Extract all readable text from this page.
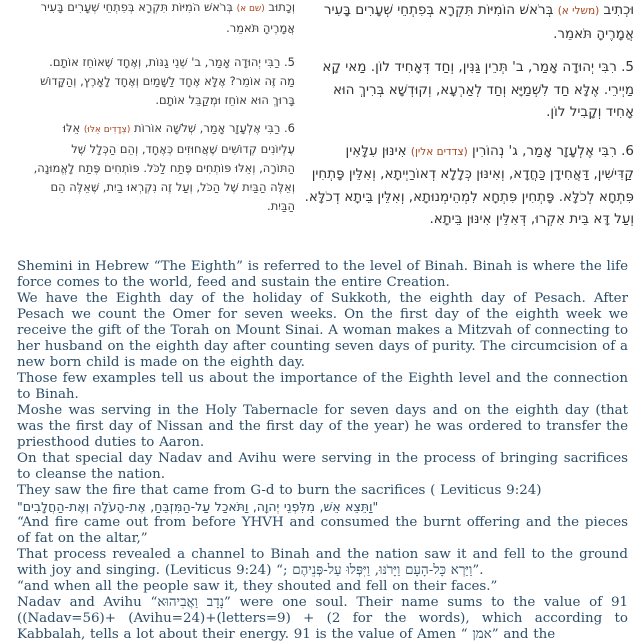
וְכָתוּב (שם א) בְּרֹאשׁ הֹמִיּוֹת תִּקְרָא בְּפִתְחֵי שְׁעָרִים בָּעִיר אֲמָרֶיהָ תֹּאמֵר.

5. רַבִּי יְהוּדָה אָמַר, ב' שְׁנֵי גַנּוֹת, וְאֶחָד שֶׁאוֹחֵז אוֹתָם. מַה זֶּה אוֹמֵר? אֶלָּא אֶחָד לַשָּׁמַיִם וְאֶחָד לָאָרֶץ, וְהַקָּדוֹשׁ בָּרוּךְ הוּא אוֹחֵז וּמְקַבֵּל אוֹתָם.

6. רַבִּי אֶלְעָזָר אָמַר, שְׁלֹשָׁה אוֹרוֹת (צְדָדִים אֵלּוּ) אֵלּוּ עֶלְיוֹנִים קְדוֹשִׁים שֶׁאֲחוּזִים כְּאֶחָד, וְהֵם הַכְּלָל שֶׁל הַתּוֹרָה, וְאֵלּוּ פּוֹתְחִים פֶּתַח לַכֹּל. פּוֹתְחִים פֶּתַח לָאֱמוּנָה, וְאֵלֶּה הַבַּיִת שֶׁל הַכֹּל, וְעַל זֶה נִקְרְאוּ בַיִת, שֶׁאֵלֶּה הֵם הַבַּיִת.

וּכְתִיב (משלי א) בְּרֹאשׁ הוֹמִיּוֹת תִּקְרָא בְּפִתְחֵי שְׁעָרִים בָּעִיר אֲמָרֶיהָ תֹּאמֵר.

5. רִבִּי יְהוּדָה אָמַר, ב' תְּרֵין גַּנִּין, וְחַד דְּאָחִיד לוֹן. מַאי קָא מַיְירֵי. אֶלָּא חַד לִשְׁמַיָּא וְחַד לְאַרְעָא, וְקוּדְשָׁא בְּרִיךְ הוּא אָחִיד וְקָבִיל לוֹן.

6. רִבִּי אֶלְעָזָר אָמַר, ג' נְהוֹרִין (צדדים אלין) אִינּוּן עִלָּאִין קַדִּישִׁין, דַּאֲחִידָן כַּחֲדָא, וְאִינּוּן כְּלָלָא דְאוֹרַיְיתָא, וְאִלֵּין פָּתְחִין פִּתְחָא לְכֹלָּא. פָּתְחִין פִּתְחָא לִמְהֵימְנוּתָא, וְאִלֵּין בֵּיתָא דְכֹלָּא. וְעַל דָּא בֵּית אִקְרוּ, דְּאִלֵּין אִינּוּן בֵּיתָא.

Shemini in Hebrew “The Eighth” is referred to the level of Binah. Binah is where the life force comes to the world, feed and sustain the entire Creation.

We have the Eighth day of the holiday of Sukkoth, the eighth day of Pesach. After Pesach we count the Omer for seven weeks. On the first day of the eighth week we receive the gift of the Torah on Mount Sinai. A woman makes a Mitzvah of connecting to her husband on the eighth day after counting seven days of purity. The circumcision of a new born child is made on the eighth day.

Those few examples tell us about the importance of the Eighth level and the connection to Binah.

Moshe was serving in the Holy Tabernacle for seven days and on the eighth day (that was the first day of Nissan and the first day of the year) he was ordered to transfer the priesthood duties to Aaron.

On that special day Nadav and Avihu were serving in the process of bringing sacrifices to cleanse the nation.

They saw the fire that came from G-d to burn the sacrifices ( Leviticus 9:24)

"וַתֵּצֵא אֵשׁ, מִלִּפְנֵי יְהוָה, וַתֹּאכַל עַל-הַמִּזְבֵּחַ, אֶת-הָעֹלָה וְאֶת-הַחֲלָבִים"

“And fire came out from before YHVH and consumed the burnt offering and the pieces of fat on the altar,”

That process revealed a channel to Binah and the nation saw it and fell to the ground with joy and singing. (Leviticus 9:24) “; וַיַּרְא כָּל-הָעָם וַיָּרֹנּוּ, וַיִּפְּלוּ עַל-פְּנֵיהֶם”.

“and when all the people saw it, they shouted and fell on their faces.”

Nadav and Avihu “נָדָב וַאֲבִיהוּא” were one soul. Their name sums to the value of 91 ((Nadav=56)+ (Avihu=24)+(letters=9) + (2 for the words), which according to Kabbalah, tells a lot about their energy. 91 is the value of Amen “אמן ” and the
